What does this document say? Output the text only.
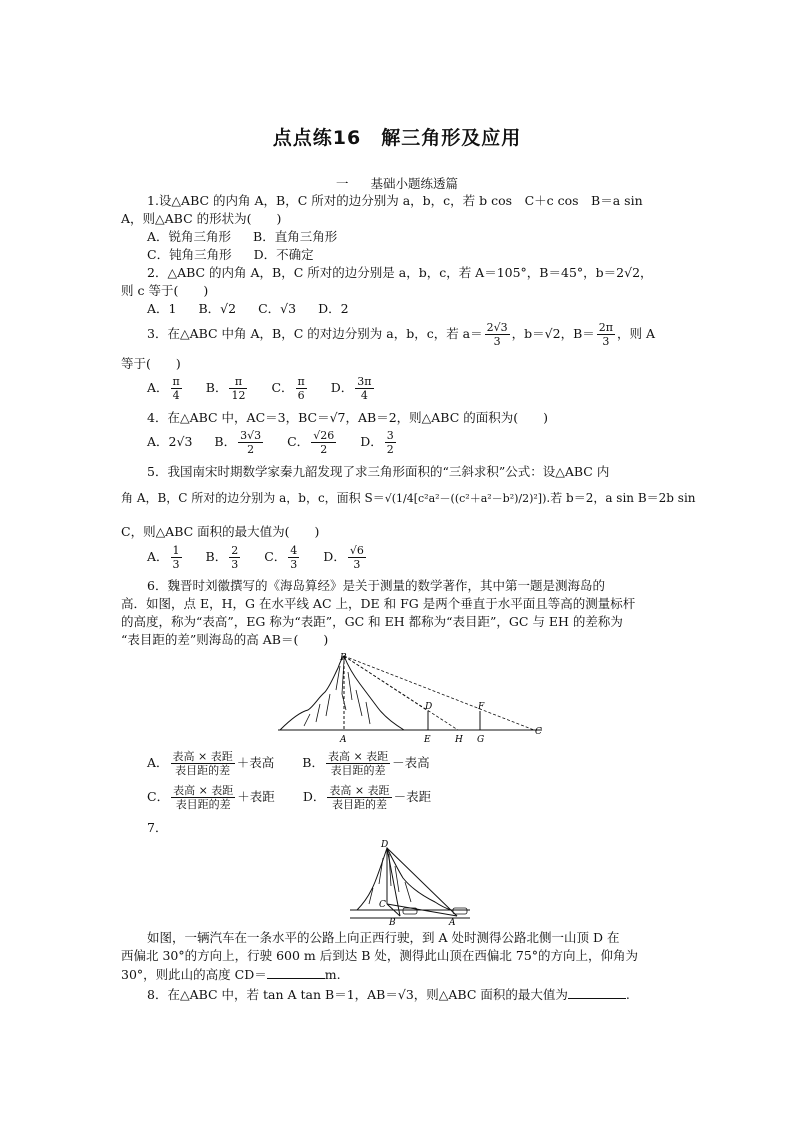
点点练16　解三角形及应用
一 基础小题练透篇
1.设△ABC 的内角 A，B，C 所对的边分别为 a，b，c，若 b cos　C＋c cos　B＝a sin
A，则△ABC 的形状为(　　)
A．锐角三角形 B．直角三角形
C．钝角三角形 D．不确定
2．△ABC 的内角 A，B，C 所对的边分别是 a，b，c，若 A＝105°，B＝45°，b＝2√2，
则 c 等于(　　)
A．1 B．√2 C．√3 D．2
3．在△ABC 中角 A，B，C 的对边分别为 a，b，c，若 $a= \frac{2√3}{3}$ ，b＝√2，$B= \frac{2\pi}{3}$ ，则 A
等于(　　)
A． $\frac{\pi}{4}$ B． $\frac{\pi}{12}$ C． $\frac{\pi}{6}$ D． $\frac{3\pi}{4}$
4．在△ABC 中，AC＝3，BC＝√7，AB＝2，则△ABC 的面积为(　　)
A．2√3 B． $\frac{3√3}{2}$ C． $\frac{√26}{2}$ D． $\frac{3}{2}$
5．我国南宋时期数学家秦九韶发现了求三角形面积的“三斜求积”公式：设△ABC 内
角 A，B，C 所对的边分别为 a，b，c，面积 S＝√(1/4[c²a²－((c²＋a²－b²)/2)²]).若 b＝2，a sin B＝2b sin
C，则△ABC 面积的最大值为(　　)
A． $\frac{1}{3}$ B． $\frac{2}{3}$ C． $\frac{4}{3}$ D． $\frac{√6}{3}$
6．魏晋时刘徽撰写的《海岛算经》是关于测量的数学著作，其中第一题是测海岛的
高．如图，点 E，H，G 在水平线 AC 上，DE 和 FG 是两个垂直于水平面且等高的测量标杆
的高度，称为“表高”，EG 称为“表距”，GC 和 EH 都称为“表目距”，GC 与 EH 的差称为
“表目距的差”则海岛的高 AB＝(　　)
B
D	F
C
A	E	H G
A． $\frac{\text{表高 × 表距}}{\text{表目距的差}}$ ＋表高 B． $\frac{\text{表高 × 表距}}{\text{表目距的差}}$ －表高
C． $\frac{\text{表高 × 表距}}{\text{表目距的差}}$ ＋表距 D． $\frac{\text{表高 × 表距}}{\text{表目距的差}}$ －表距
7．
D
C
B	A
如图，一辆汽车在一条水平的公路上向正西行驶，到 A 处时测得公路北侧一山顶 D 在
西偏北 30°的方向上，行驶 600 m 后到达 B 处，测得此山顶在西偏北 75°的方向上，仰角为
30°，则此山的高度 CD＝	m.
8．在△ABC 中，若 tan A tan B＝1，AB＝√3，则△ABC 面积的最大值为	.
